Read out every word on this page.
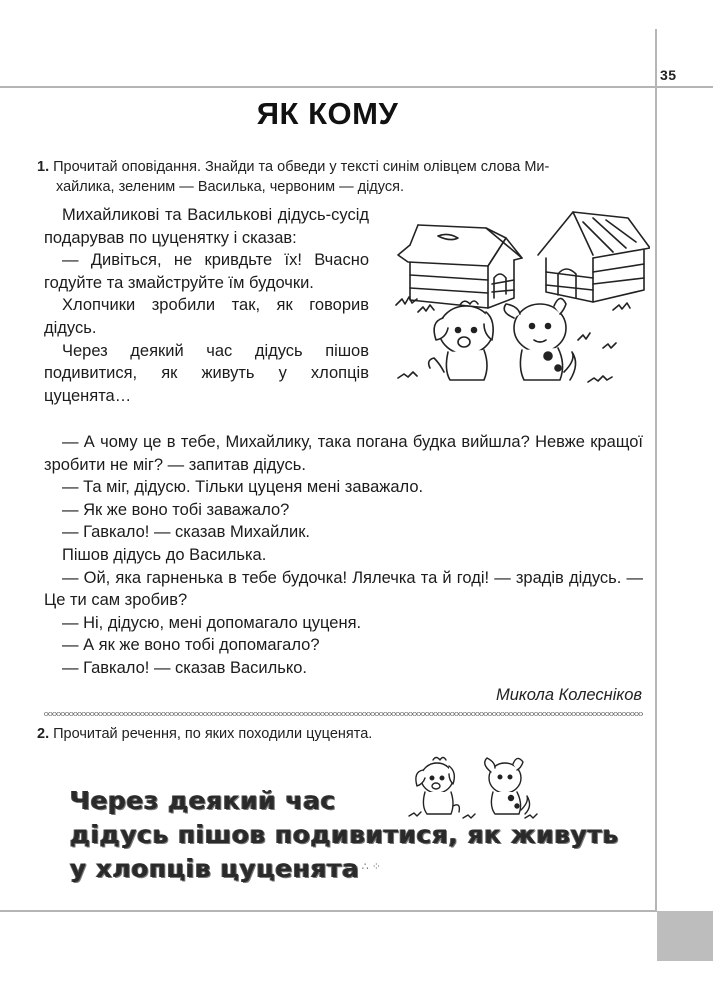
35
ЯК КОМУ
1. Прочитай оповідання. Знайди та обведи у тексті синім олівцем слова Ми-
хайлика, зеленим — Василька, червоним — дідуся.

Михайликові та Василькові дідусь-сусід подарував по цуценятку і сказав:

— Дивіться, не кривдьте їх! Вчасно годуйте та змайструйте їм будочки.

Хлопчики зробили так, як говорив дідусь.

Через деякий час дідусь пішов подивитися, як живуть у хлопців цуценята…

— А чому це в тебе, Михайлику, така погана будка вийшла? Невже кращої зробити не міг? — запитав дідусь.

— Та міг, дідусю. Тільки цуценя мені заважало.

— Як же воно тобі заважало?

— Гавкало! — сказав Михайлик.

Пішов дідусь до Василька.

— Ой, яка гарненька в тебе будочка! Лялечка та й годі! — зрадів дідусь. — Це ти сам зробив?

— Ні, дідусю, мені допомагало цуценя.

— А як же воно тобі допомагало?

— Гавкало! — сказав Василько.

Микола Колесніков
2. Прочитай речення, по яких походили цуценята.
Через деякий час
дідусь пішов подивитися, як живуть
у хлопців цуценята
· ∴ ⁘
